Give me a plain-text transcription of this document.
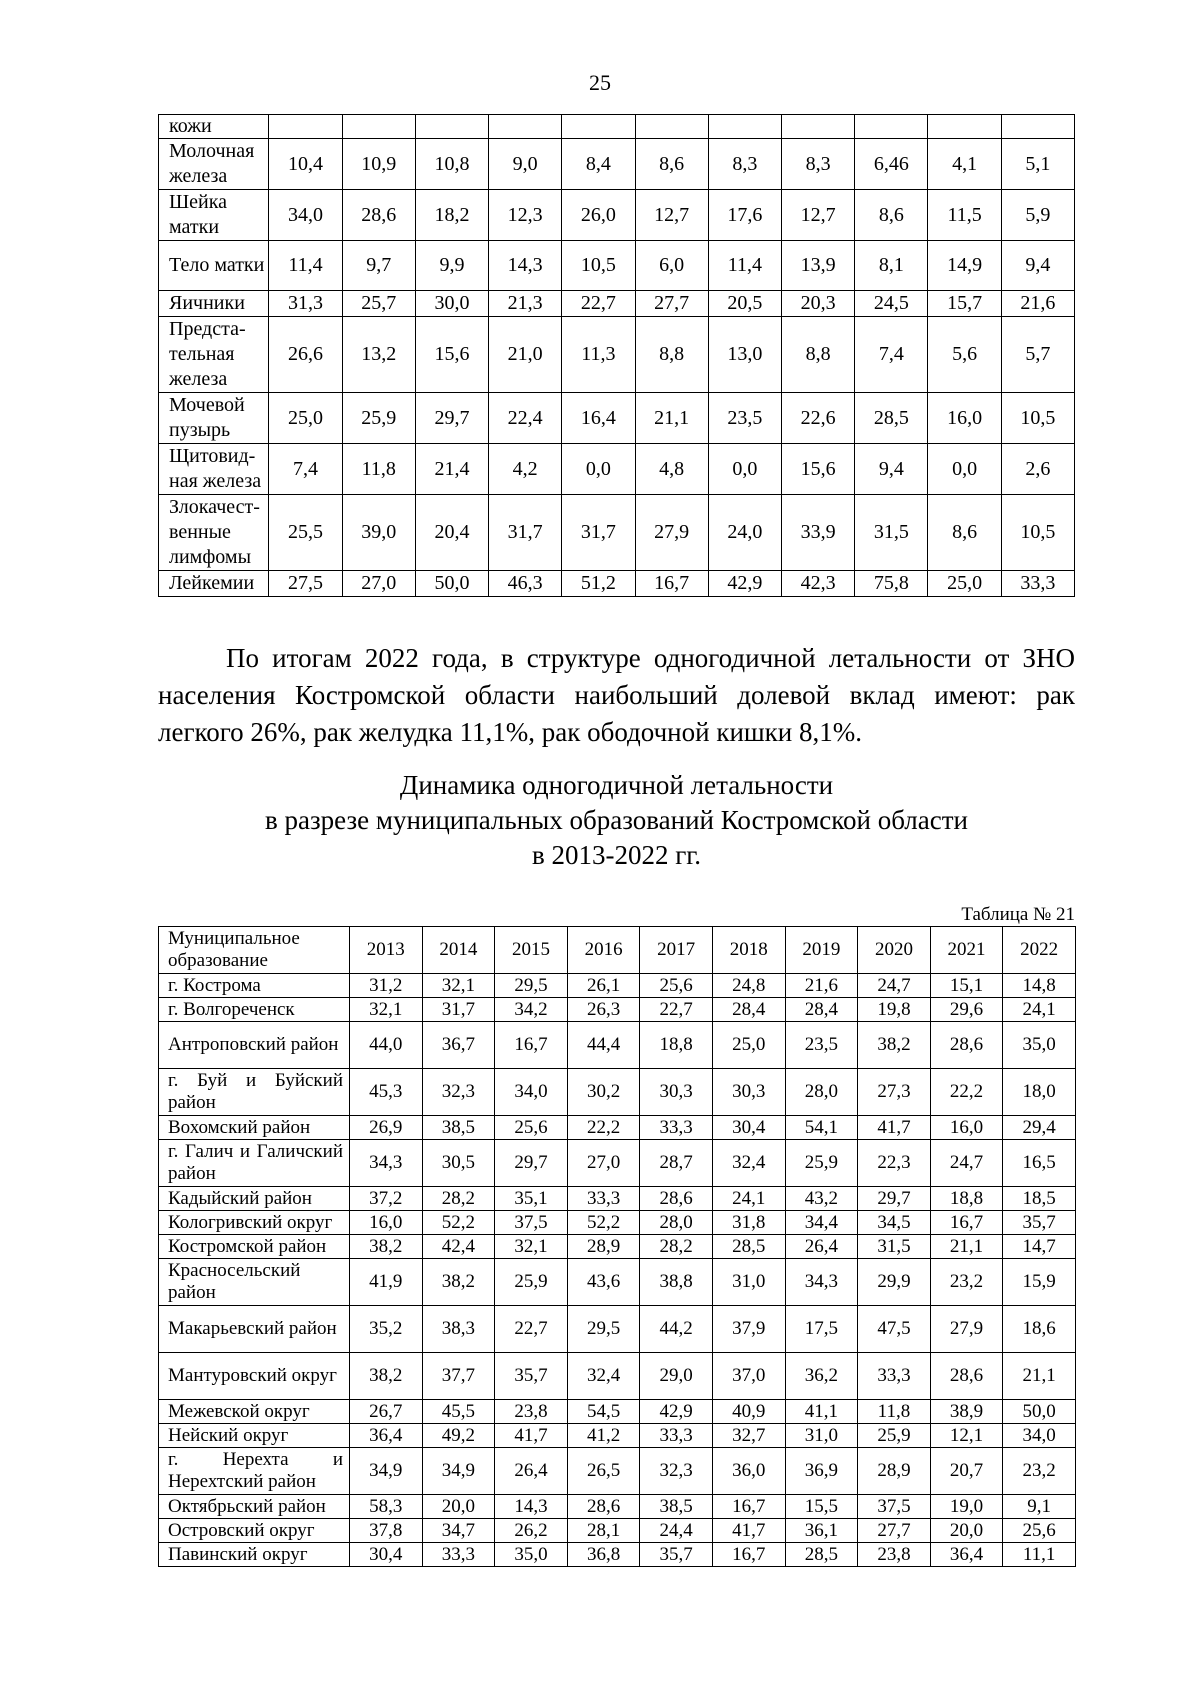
25
кожи											
Молочная железа	10,4	10,9	10,8	9,0	8,4	8,6	8,3	8,3	6,46	4,1	5,1
Шейка матки	34,0	28,6	18,2	12,3	26,0	12,7	17,6	12,7	8,6	11,5	5,9
Тело матки	11,4	9,7	9,9	14,3	10,5	6,0	11,4	13,9	8,1	14,9	9,4
Яичники	31,3	25,7	30,0	21,3	22,7	27,7	20,5	20,3	24,5	15,7	21,6
Предста-тельная железа	26,6	13,2	15,6	21,0	11,3	8,8	13,0	8,8	7,4	5,6	5,7
Мочевой пузырь	25,0	25,9	29,7	22,4	16,4	21,1	23,5	22,6	28,5	16,0	10,5
Щитовид-ная железа	7,4	11,8	21,4	4,2	0,0	4,8	0,0	15,6	9,4	0,0	2,6
Злокачест-венные лимфомы	25,5	39,0	20,4	31,7	31,7	27,9	24,0	33,9	31,5	8,6	10,5
Лейкемии	27,5	27,0	50,0	46,3	51,2	16,7	42,9	42,3	75,8	25,0	33,3

По итогам 2022 года, в структуре одногодичной летальности от ЗНО населения Костромской области наибольший долевой вклад имеют: рак легкого 26%, рак желудка 11,1%, рак ободочной кишки 8,1%.

Динамика одногодичной летальности
в разрезе муниципальных образований Костромской области
в 2013-2022 гг.
Таблица № 21
Муниципальное образование	2013	2014	2015	2016	2017	2018	2019	2020	2021	2022
г. Кострома	31,2	32,1	29,5	26,1	25,6	24,8	21,6	24,7	15,1	14,8
г. Волгореченск	32,1	31,7	34,2	26,3	22,7	28,4	28,4	19,8	29,6	24,1
Антроповский район	44,0	36,7	16,7	44,4	18,8	25,0	23,5	38,2	28,6	35,0
г. Буй и Буйский район	45,3	32,3	34,0	30,2	30,3	30,3	28,0	27,3	22,2	18,0
Вохомский район	26,9	38,5	25,6	22,2	33,3	30,4	54,1	41,7	16,0	29,4
г. Галич и Галичский район	34,3	30,5	29,7	27,0	28,7	32,4	25,9	22,3	24,7	16,5
Кадыйский район	37,2	28,2	35,1	33,3	28,6	24,1	43,2	29,7	18,8	18,5
Кологривский округ	16,0	52,2	37,5	52,2	28,0	31,8	34,4	34,5	16,7	35,7
Костромской район	38,2	42,4	32,1	28,9	28,2	28,5	26,4	31,5	21,1	14,7
Красносельский район	41,9	38,2	25,9	43,6	38,8	31,0	34,3	29,9	23,2	15,9
Макарьевский район	35,2	38,3	22,7	29,5	44,2	37,9	17,5	47,5	27,9	18,6
Мантуровский округ	38,2	37,7	35,7	32,4	29,0	37,0	36,2	33,3	28,6	21,1
Межевской округ	26,7	45,5	23,8	54,5	42,9	40,9	41,1	11,8	38,9	50,0
Нейский округ	36,4	49,2	41,7	41,2	33,3	32,7	31,0	25,9	12,1	34,0
г. Нерехта и Нерехтский район	34,9	34,9	26,4	26,5	32,3	36,0	36,9	28,9	20,7	23,2
Октябрьский район	58,3	20,0	14,3	28,6	38,5	16,7	15,5	37,5	19,0	9,1
Островский округ	37,8	34,7	26,2	28,1	24,4	41,7	36,1	27,7	20,0	25,6
Павинский округ	30,4	33,3	35,0	36,8	35,7	16,7	28,5	23,8	36,4	11,1
